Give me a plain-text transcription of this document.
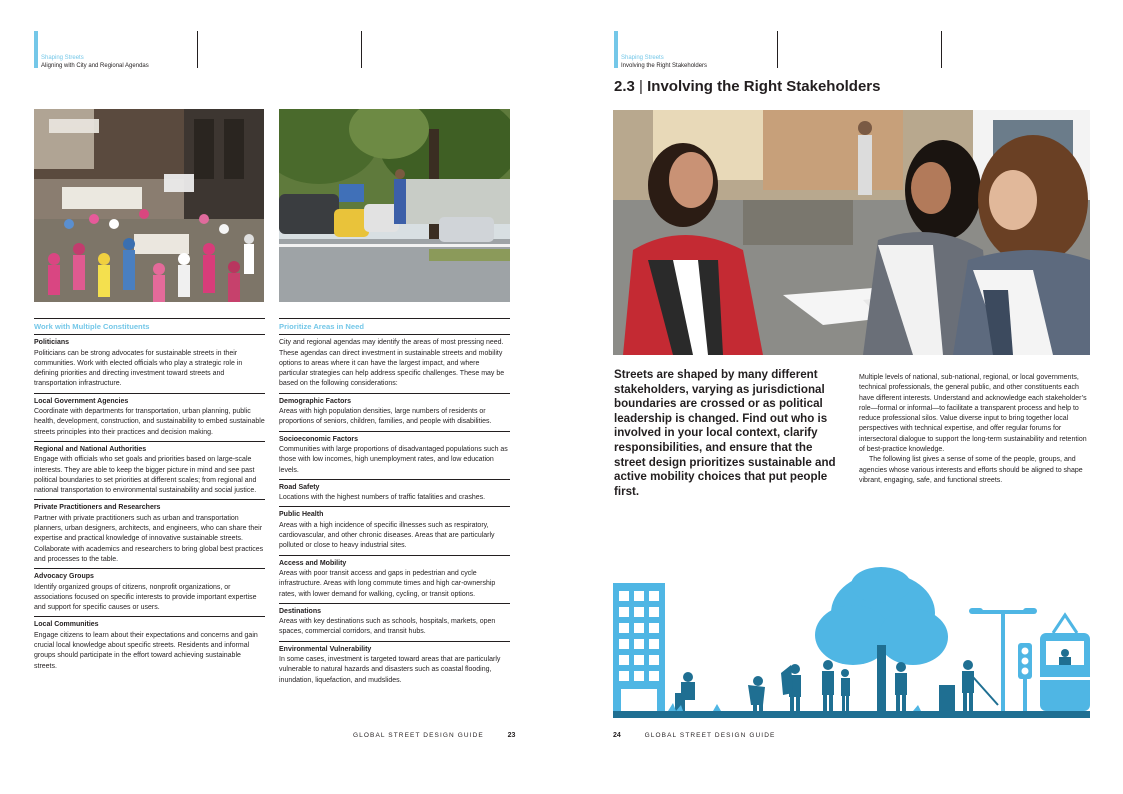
Shaping Streets
Aligning with City and Regional Agendas
Work with Multiple Constituents
Politicians
Politicians can be strong advocates for sustainable streets in their communities. Work with elected officials who play a strategic role in defining priorities and directing investment toward streets and transportation infrastructure.
Local Government Agencies
Coordinate with departments for transportation, urban planning, public health, development, construction, and sustainability to embed sustainable streets principles into their practices and decision making.
Regional and National Authorities
Engage with officials who set goals and priorities based on large-scale interests. They are able to keep the bigger picture in mind and see past political boundaries to set priorities at different scales; from regional and national transportation to environmental sustainability and social justice.
Private Practitioners and Researchers
Partner with private practitioners such as urban and transportation planners, urban designers, architects, and engineers, who can share their expertise and practical knowledge of innovative sustainable streets. Collaborate with academics and researchers to bring global best practices and processes to the table.
Advocacy Groups
Identify organized groups of citizens, nonprofit organizations, or associations focused on specific interests to provide important expertise and support for specific causes or users.
Local Communities
Engage citizens to learn about their expectations and concerns and gain crucial local knowledge about specific streets. Residents and informal groups should participate in the effort toward achieving sustainable streets.
Prioritize Areas in Need
City and regional agendas may identify the areas of most pressing need. These agendas can direct investment in sustainable streets and mobility options to areas where it can have the largest impact, and where particular strategies can help address specific challenges. These may be based on the following considerations:
Demographic Factors
Areas with high population densities, large numbers of residents or proportions of seniors, children, families, and people with disabilities.
Socioeconomic Factors
Communities with large proportions of disadvantaged populations such as those with low incomes, high unemployment rates, and low education levels.
Road Safety
Locations with the highest numbers of traffic fatalities and crashes.
Public Health
Areas with a high incidence of specific illnesses such as respiratory, cardiovascular, and other chronic diseases. Areas that are particularly polluted or close to heavy industrial sites.
Access and Mobility
Areas with poor transit access and gaps in pedestrian and cycle infrastructure. Areas with long commute times and high car-ownership rates, with lower demand for walking, cycling, or transit options.
Destinations
Areas with key destinations such as schools, hospitals, markets, open spaces, commercial corridors, and transit hubs.
Environmental Vulnerability
In some cases, investment is targeted toward areas that are particularly vulnerable to natural hazards and disasters such as coastal flooding, inundation, liquefaction, and mudslides.
GLOBAL STREET DESIGN GUIDE	23
Shaping Streets
Involving the Right Stakeholders
2.3 | Involving the Right Stakeholders
Streets are shaped by many different stakeholders, varying as jurisdictional boundaries are crossed or as political leadership is changed. Find out who is involved in your local context, clarify responsibilities, and ensure that the street design prioritizes sustainable and active mobility choices that put people first.

Multiple levels of national, sub-national, regional, or local governments, technical professionals, the general public, and other constituents each have different interests. Understand and acknowledge each stakeholder’s role—formal or informal—to facilitate a transparent process and help to reduce professional silos. Value diverse input to bring together local perspectives with technical expertise, and offer regular forums for intersectoral dialogue to support the long-term sustainability and retention of best-practice knowledge.

The following list gives a sense of some of the people, groups, and agencies whose various interests and efforts should be aligned to shape vibrant, engaging, safe, and functional streets.

24	GLOBAL STREET DESIGN GUIDE
